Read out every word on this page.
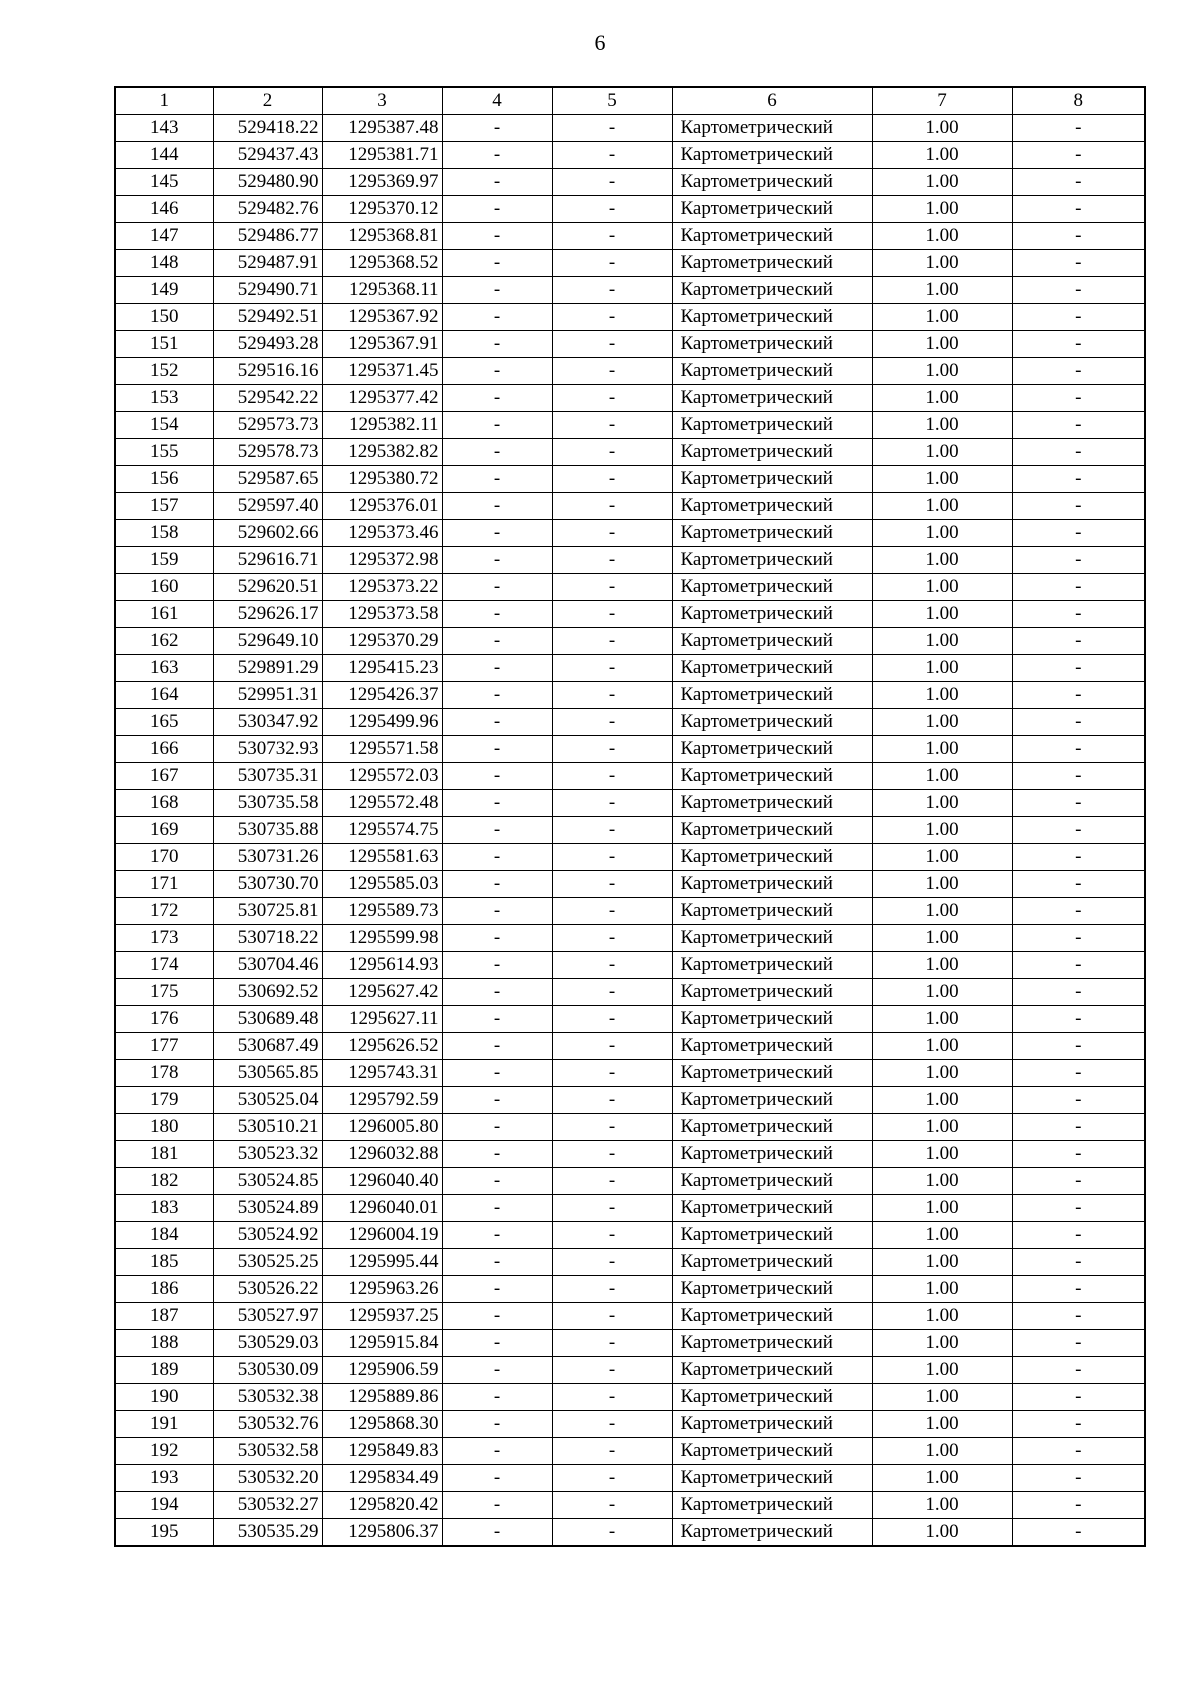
6
1	2	3	4	5	6	7	8
143	529418.22	1295387.48	-	-	Картометрический	1.00	-
144	529437.43	1295381.71	-	-	Картометрический	1.00	-
145	529480.90	1295369.97	-	-	Картометрический	1.00	-
146	529482.76	1295370.12	-	-	Картометрический	1.00	-
147	529486.77	1295368.81	-	-	Картометрический	1.00	-
148	529487.91	1295368.52	-	-	Картометрический	1.00	-
149	529490.71	1295368.11	-	-	Картометрический	1.00	-
150	529492.51	1295367.92	-	-	Картометрический	1.00	-
151	529493.28	1295367.91	-	-	Картометрический	1.00	-
152	529516.16	1295371.45	-	-	Картометрический	1.00	-
153	529542.22	1295377.42	-	-	Картометрический	1.00	-
154	529573.73	1295382.11	-	-	Картометрический	1.00	-
155	529578.73	1295382.82	-	-	Картометрический	1.00	-
156	529587.65	1295380.72	-	-	Картометрический	1.00	-
157	529597.40	1295376.01	-	-	Картометрический	1.00	-
158	529602.66	1295373.46	-	-	Картометрический	1.00	-
159	529616.71	1295372.98	-	-	Картометрический	1.00	-
160	529620.51	1295373.22	-	-	Картометрический	1.00	-
161	529626.17	1295373.58	-	-	Картометрический	1.00	-
162	529649.10	1295370.29	-	-	Картометрический	1.00	-
163	529891.29	1295415.23	-	-	Картометрический	1.00	-
164	529951.31	1295426.37	-	-	Картометрический	1.00	-
165	530347.92	1295499.96	-	-	Картометрический	1.00	-
166	530732.93	1295571.58	-	-	Картометрический	1.00	-
167	530735.31	1295572.03	-	-	Картометрический	1.00	-
168	530735.58	1295572.48	-	-	Картометрический	1.00	-
169	530735.88	1295574.75	-	-	Картометрический	1.00	-
170	530731.26	1295581.63	-	-	Картометрический	1.00	-
171	530730.70	1295585.03	-	-	Картометрический	1.00	-
172	530725.81	1295589.73	-	-	Картометрический	1.00	-
173	530718.22	1295599.98	-	-	Картометрический	1.00	-
174	530704.46	1295614.93	-	-	Картометрический	1.00	-
175	530692.52	1295627.42	-	-	Картометрический	1.00	-
176	530689.48	1295627.11	-	-	Картометрический	1.00	-
177	530687.49	1295626.52	-	-	Картометрический	1.00	-
178	530565.85	1295743.31	-	-	Картометрический	1.00	-
179	530525.04	1295792.59	-	-	Картометрический	1.00	-
180	530510.21	1296005.80	-	-	Картометрический	1.00	-
181	530523.32	1296032.88	-	-	Картометрический	1.00	-
182	530524.85	1296040.40	-	-	Картометрический	1.00	-
183	530524.89	1296040.01	-	-	Картометрический	1.00	-
184	530524.92	1296004.19	-	-	Картометрический	1.00	-
185	530525.25	1295995.44	-	-	Картометрический	1.00	-
186	530526.22	1295963.26	-	-	Картометрический	1.00	-
187	530527.97	1295937.25	-	-	Картометрический	1.00	-
188	530529.03	1295915.84	-	-	Картометрический	1.00	-
189	530530.09	1295906.59	-	-	Картометрический	1.00	-
190	530532.38	1295889.86	-	-	Картометрический	1.00	-
191	530532.76	1295868.30	-	-	Картометрический	1.00	-
192	530532.58	1295849.83	-	-	Картометрический	1.00	-
193	530532.20	1295834.49	-	-	Картометрический	1.00	-
194	530532.27	1295820.42	-	-	Картометрический	1.00	-
195	530535.29	1295806.37	-	-	Картометрический	1.00	-
